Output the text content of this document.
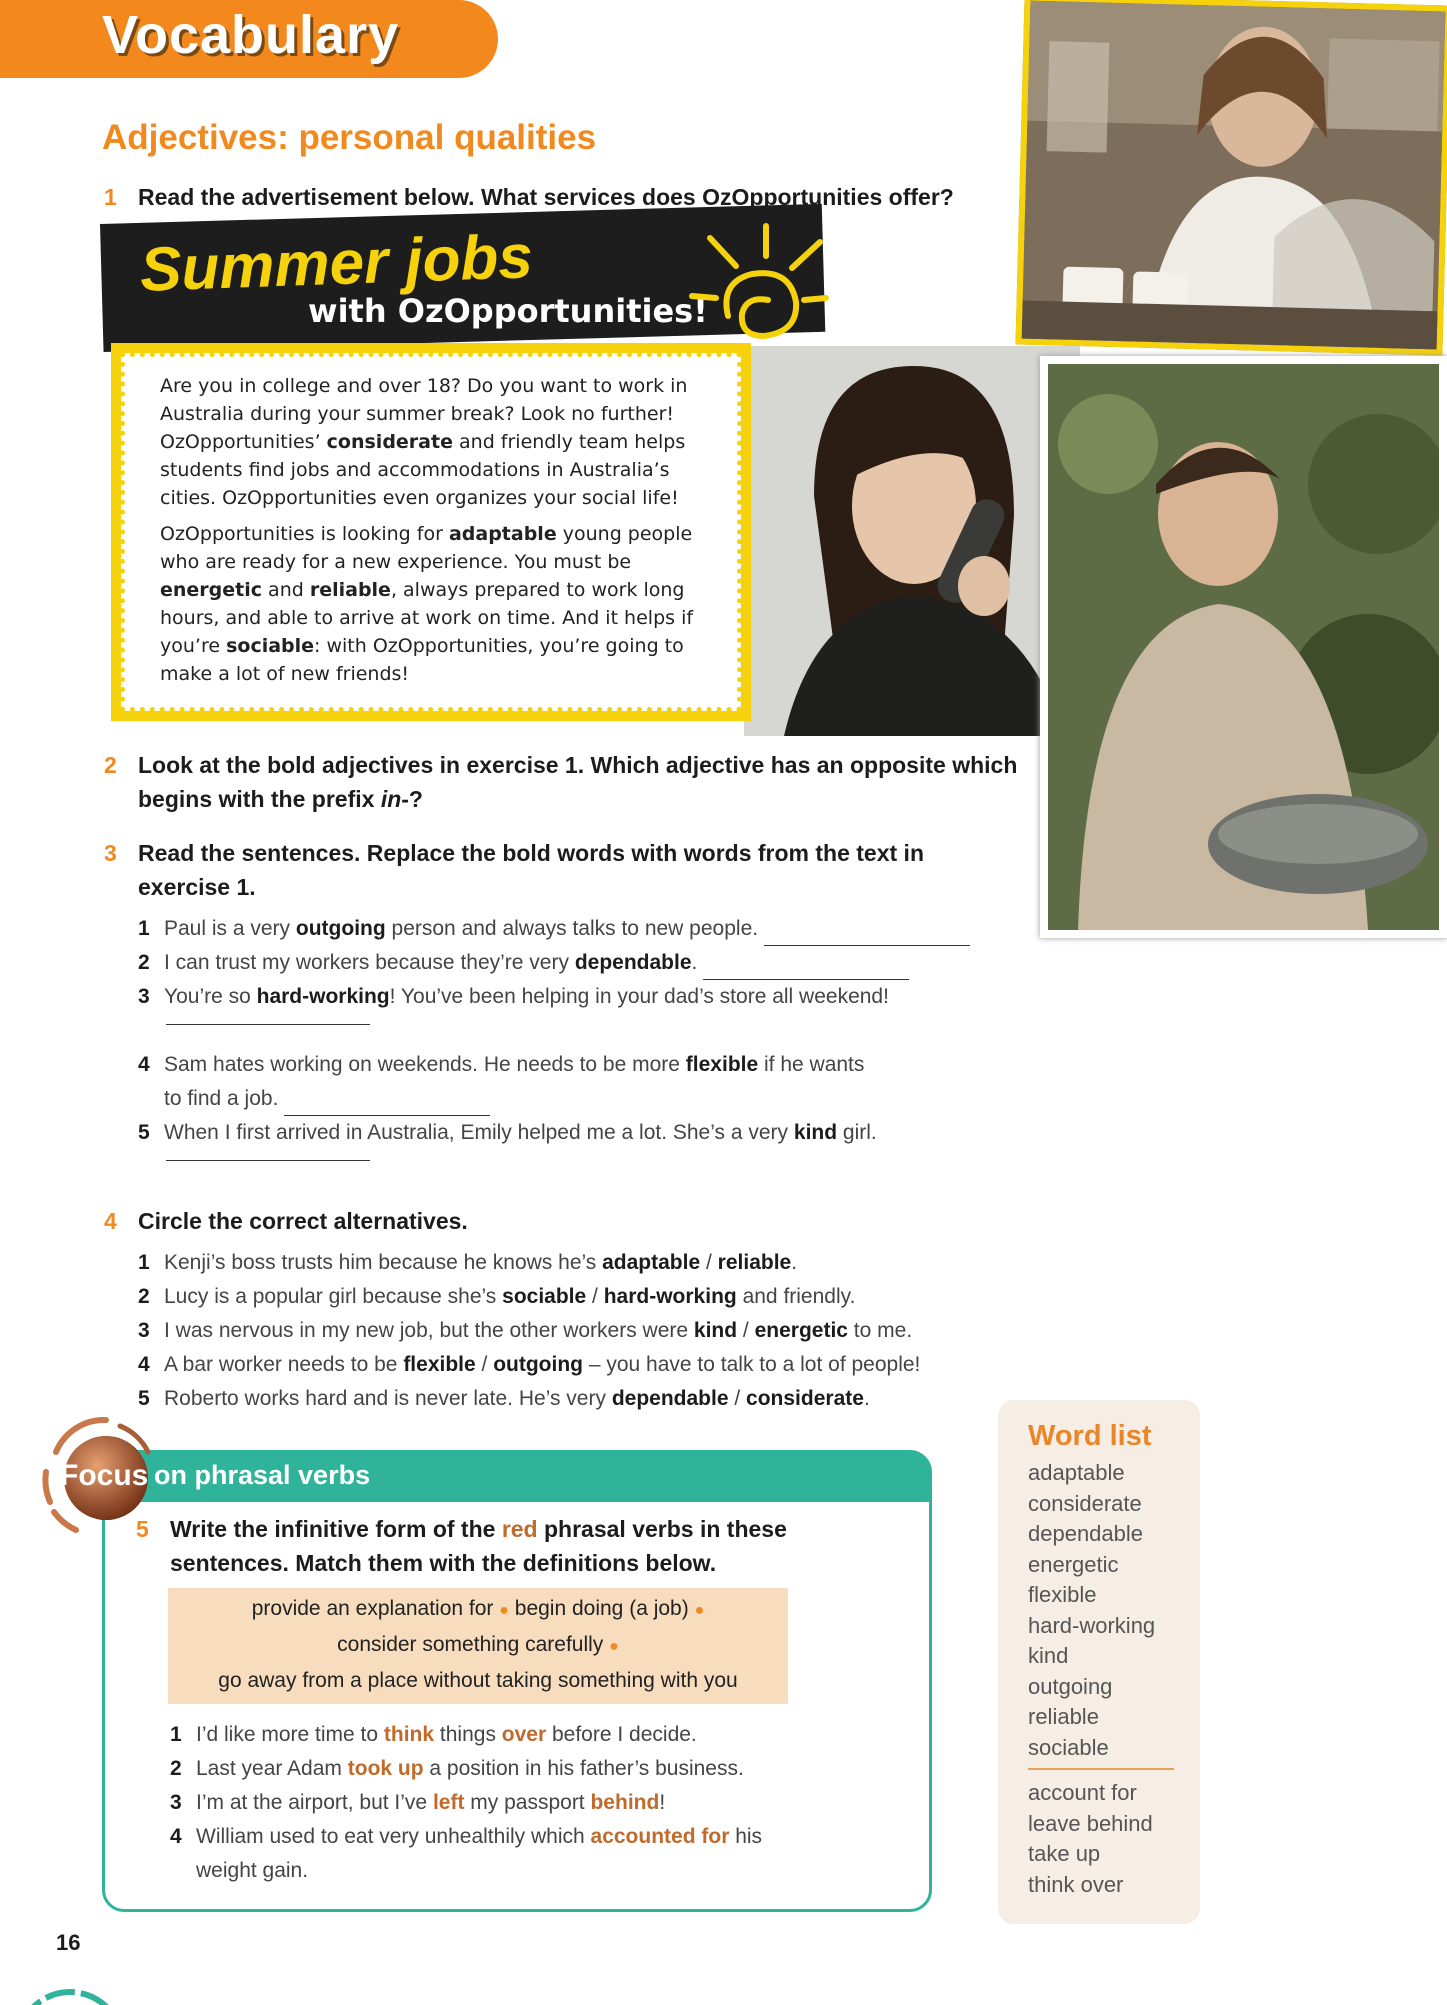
Vocabulary
Adjectives: personal qualities
1 Read the advertisement below. What services does OzOpportunities offer?
Summer jobs
with OzOpportunities!

Are you in college and over 18? Do you want to work in Australia during your summer break? Look no further! OzOpportunities’ considerate and friendly team helps students find jobs and accommodations in Australia’s cities. OzOpportunities even organizes your social life!

OzOpportunities is looking for adaptable young people who are ready for a new experience. You must be energetic and reliable, always prepared to work long hours, and able to arrive at work on time. And it helps if you’re sociable: with OzOpportunities, you’re going to make a lot of new friends!

2 Look at the bold adjectives in exercise 1. Which adjective has an opposite which begins with the prefix in-?
3 Read the sentences. Replace the bold words with words from the text in exercise 1.
1 Paul is a very outgoing person and always talks to new people.
2 I can trust my workers because they’re very dependable.
3 You’re so hard-working! You’ve been helping in your dad’s store all weekend!
4 Sam hates working on weekends. He needs to be more flexible if he wants
to find a job.
5 When I first arrived in Australia, Emily helped me a lot. She’s a very kind girl.
4 Circle the correct alternatives.
1 Kenji’s boss trusts him because he knows he’s adaptable / reliable.
2 Lucy is a popular girl because she’s sociable / hard-working and friendly.
3 I was nervous in my new job, but the other workers were kind / energetic to me.
4 A bar worker needs to be flexible / outgoing – you have to talk to a lot of people!
5 Roberto works hard and is never late. He’s very dependable / considerate.
Focus on phrasal verbs
5 Write the infinitive form of the red phrasal verbs in these sentences. Match them with the definitions below.
provide an explanation for ● begin doing (a job) ●
consider something carefully ●
go away from a place without taking something with you
1 I’d like more time to think things over before I decide.
2 Last year Adam took up a position in his father’s business.
3 I’m at the airport, but I’ve left my passport behind!
4 William used to eat very unhealthily which accounted for his
weight gain.
Word list
adaptable
considerate
dependable
energetic
flexible
hard-working
kind
outgoing
reliable
sociable
account for
leave behind
take up
think over
16
